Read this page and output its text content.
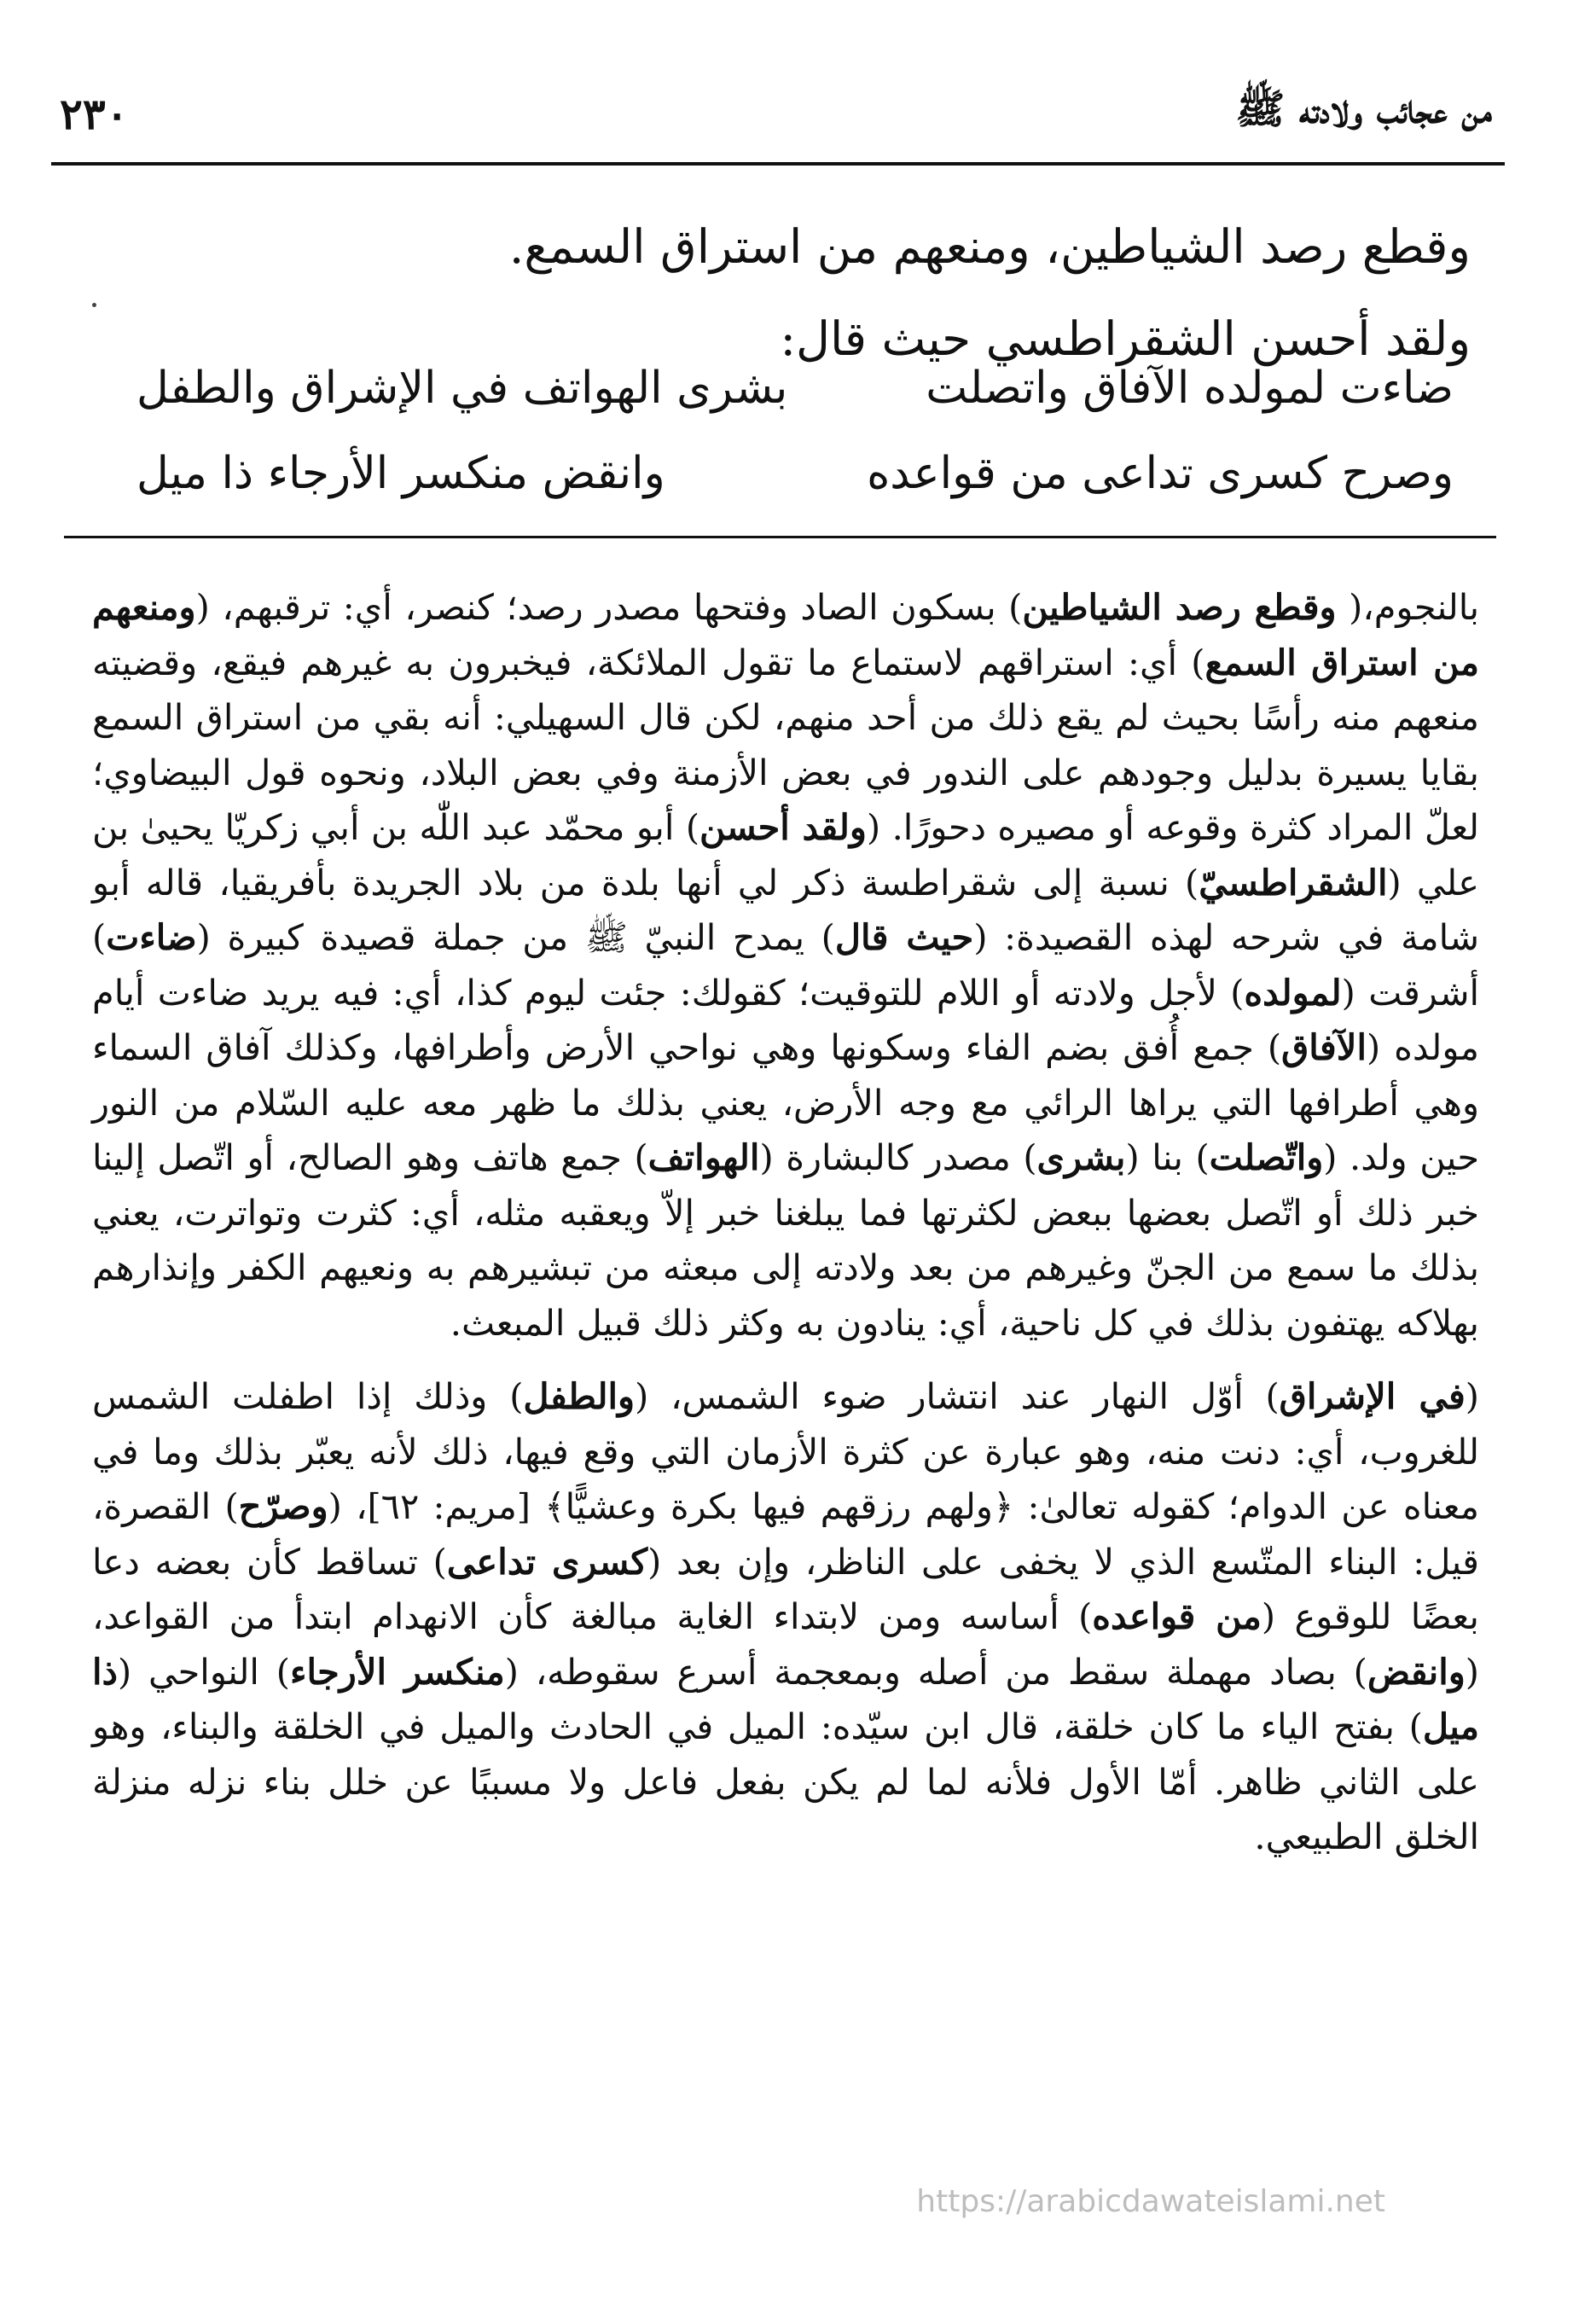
٢٣٠	من عجائب ولادته ﷺ
وقطع رصد الشياطين، ومنعهم من استراق السمع.
ولقد أحسن الشقراطسي حيث قال:
ضاءت لمولده الآفاق واتصلت
بشرى الهواتف في الإشراق والطفل
وصرح كسرى تداعى من قواعده
وانقض منكسر الأرجاء ذا ميل

بالنجوم،( وقطع رصد الشياطين) بسكون الصاد وفتحها مصدر رصد؛ كنصر، أي: ترقبهم، (ومنعهم من استراق السمع) أي: استراقهم لاستماع ما تقول الملائكة، فيخبرون به غيرهم فيقع، وقضيته منعهم منه رأسًا بحيث لم يقع ذلك من أحد منهم، لكن قال السهيلي: أنه بقي من استراق السمع بقايا يسيرة بدليل وجودهم على الندور في بعض الأزمنة وفي بعض البلاد، ونحوه قول البيضاوي؛ لعلّ المراد كثرة وقوعه أو مصيره دحورًا. (ولقد أحسن) أبو محمّد عبد اللّٰه بن أبي زكريّا يحيىٰ بن علي (الشقراطسيّ) نسبة إلى شقراطسة ذكر لي أنها بلدة من بلاد الجريدة بأفريقيا، قاله أبو شامة في شرحه لهذه القصيدة: (حيث قال) يمدح النبيّ ﷺ من جملة قصيدة كبيرة (ضاءت) أشرقت (لمولده) لأجل ولادته أو اللام للتوقيت؛ كقولك: جئت ليوم كذا، أي: فيه يريد ضاءت أيام مولده (الآفاق) جمع أُفق بضم الفاء وسكونها وهي نواحي الأرض وأطرافها، وكذلك آفاق السماء وهي أطرافها التي يراها الرائي مع وجه الأرض، يعني بذلك ما ظهر معه عليه السّلام من النور حين ولد. (واتّصلت) بنا (بشرى) مصدر كالبشارة (الهواتف) جمع هاتف وهو الصالح، أو اتّصل إلينا خبر ذلك أو اتّصل بعضها ببعض لكثرتها فما يبلغنا خبر إلاّ ويعقبه مثله، أي: كثرت وتواترت، يعني بذلك ما سمع من الجنّ وغيرهم من بعد ولادته إلى مبعثه من تبشيرهم به ونعيهم الكفر وإنذارهم بهلاكه يهتفون بذلك في كل ناحية، أي: ينادون به وكثر ذلك قبيل المبعث.

(في الإشراق) أوّل النهار عند انتشار ضوء الشمس، (والطفل) وذلك إذا اطفلت الشمس للغروب، أي: دنت منه، وهو عبارة عن كثرة الأزمان التي وقع فيها، ذلك لأنه يعبّر بذلك وما في معناه عن الدوام؛ كقوله تعالىٰ: ﴿ولهم رزقهم فيها بكرة وعشيًّا﴾ [مريم: ٦٢]، (وصرّح) القصرة، قيل: البناء المتّسع الذي لا يخفى على الناظر، وإن بعد (كسرى تداعى) تساقط كأن بعضه دعا بعضًا للوقوع (من قواعده) أساسه ومن لابتداء الغاية مبالغة كأن الانهدام ابتدأ من القواعد، (وانقض) بصاد مهملة سقط من أصله وبمعجمة أسرع سقوطه، (منكسر الأرجاء) النواحي (ذا ميل) بفتح الياء ما كان خلقة، قال ابن سيّده: الميل في الحادث والميل في الخلقة والبناء، وهو على الثاني ظاهر. أمّا الأول فلأنه لما لم يكن بفعل فاعل ولا مسببًا عن خلل بناء نزله منزلة الخلق الطبيعي.

https://arabicdawateislami.net
